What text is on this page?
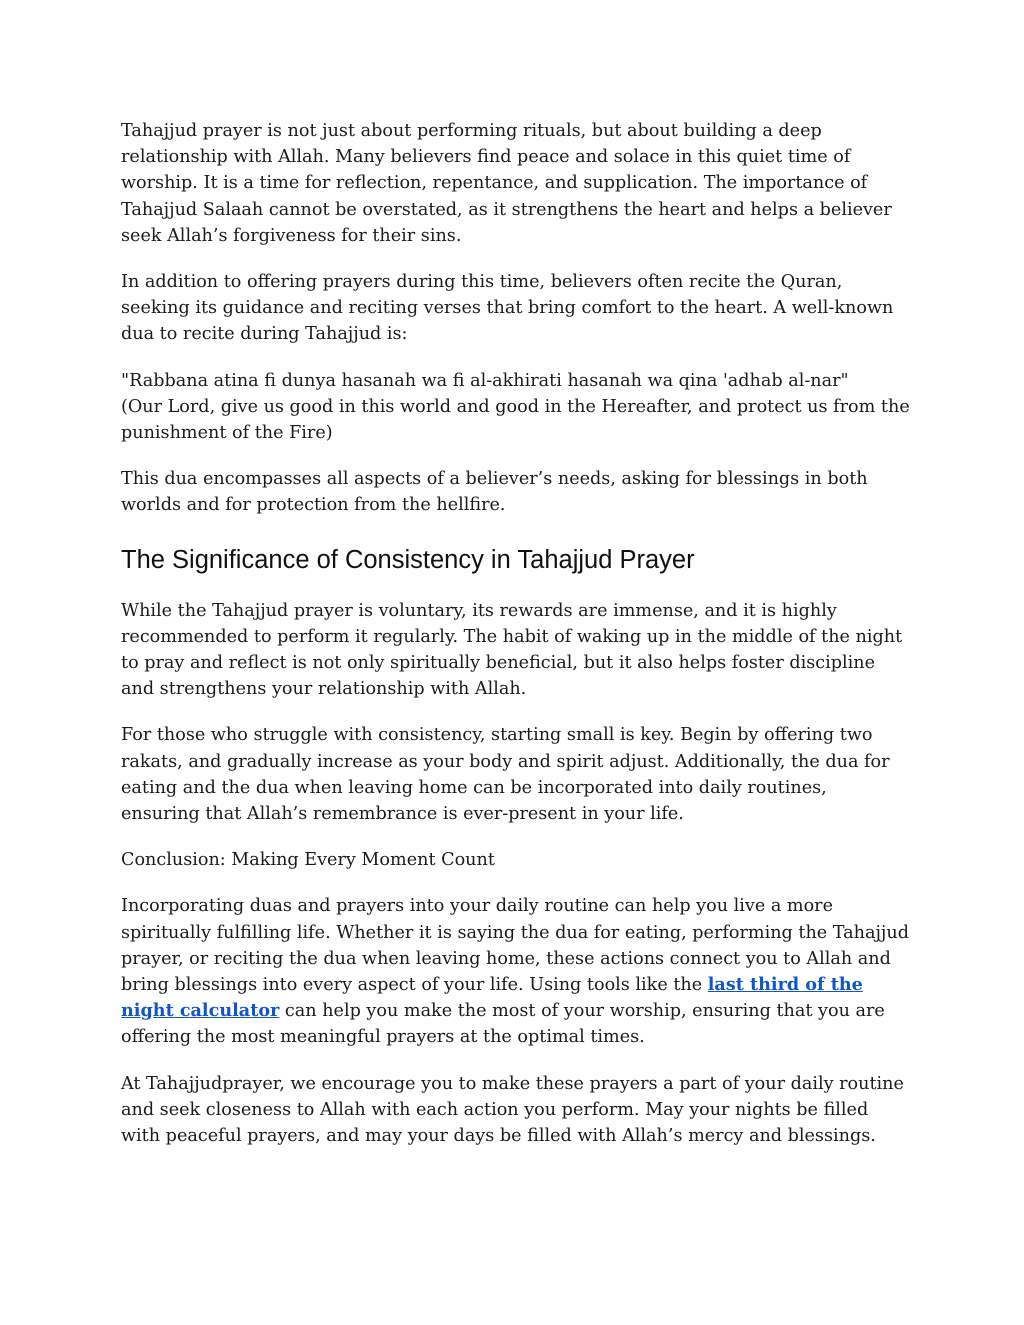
Tahajjud prayer is not just about performing rituals, but about building a deep relationship with Allah. Many believers find peace and solace in this quiet time of worship. It is a time for reflection, repentance, and supplication. The importance of Tahajjud Salaah cannot be overstated, as it strengthens the heart and helps a believer seek Allah’s forgiveness for their sins.

In addition to offering prayers during this time, believers often recite the Quran, seeking its guidance and reciting verses that bring comfort to the heart. A well-known dua to recite during Tahajjud is:

"Rabbana atina fi dunya hasanah wa fi al-akhirati hasanah wa qina 'adhab al-nar"
(Our Lord, give us good in this world and good in the Hereafter, and protect us from the punishment of the Fire)

This dua encompasses all aspects of a believer’s needs, asking for blessings in both worlds and for protection from the hellfire.

The Significance of Consistency in Tahajjud Prayer

While the Tahajjud prayer is voluntary, its rewards are immense, and it is highly recommended to perform it regularly. The habit of waking up in the middle of the night to pray and reflect is not only spiritually beneficial, but it also helps foster discipline and strengthens your relationship with Allah.

For those who struggle with consistency, starting small is key. Begin by offering two rakats, and gradually increase as your body and spirit adjust. Additionally, the dua for eating and the dua when leaving home can be incorporated into daily routines, ensuring that Allah’s remembrance is ever-present in your life.

Conclusion: Making Every Moment Count

Incorporating duas and prayers into your daily routine can help you live a more spiritually fulfilling life. Whether it is saying the dua for eating, performing the Tahajjud prayer, or reciting the dua when leaving home, these actions connect you to Allah and bring blessings into every aspect of your life. Using tools like the last third of the night calculator can help you make the most of your worship, ensuring that you are offering the most meaningful prayers at the optimal times.

At Tahajjudprayer, we encourage you to make these prayers a part of your daily routine and seek closeness to Allah with each action you perform. May your nights be filled with peaceful prayers, and may your days be filled with Allah’s mercy and blessings.
